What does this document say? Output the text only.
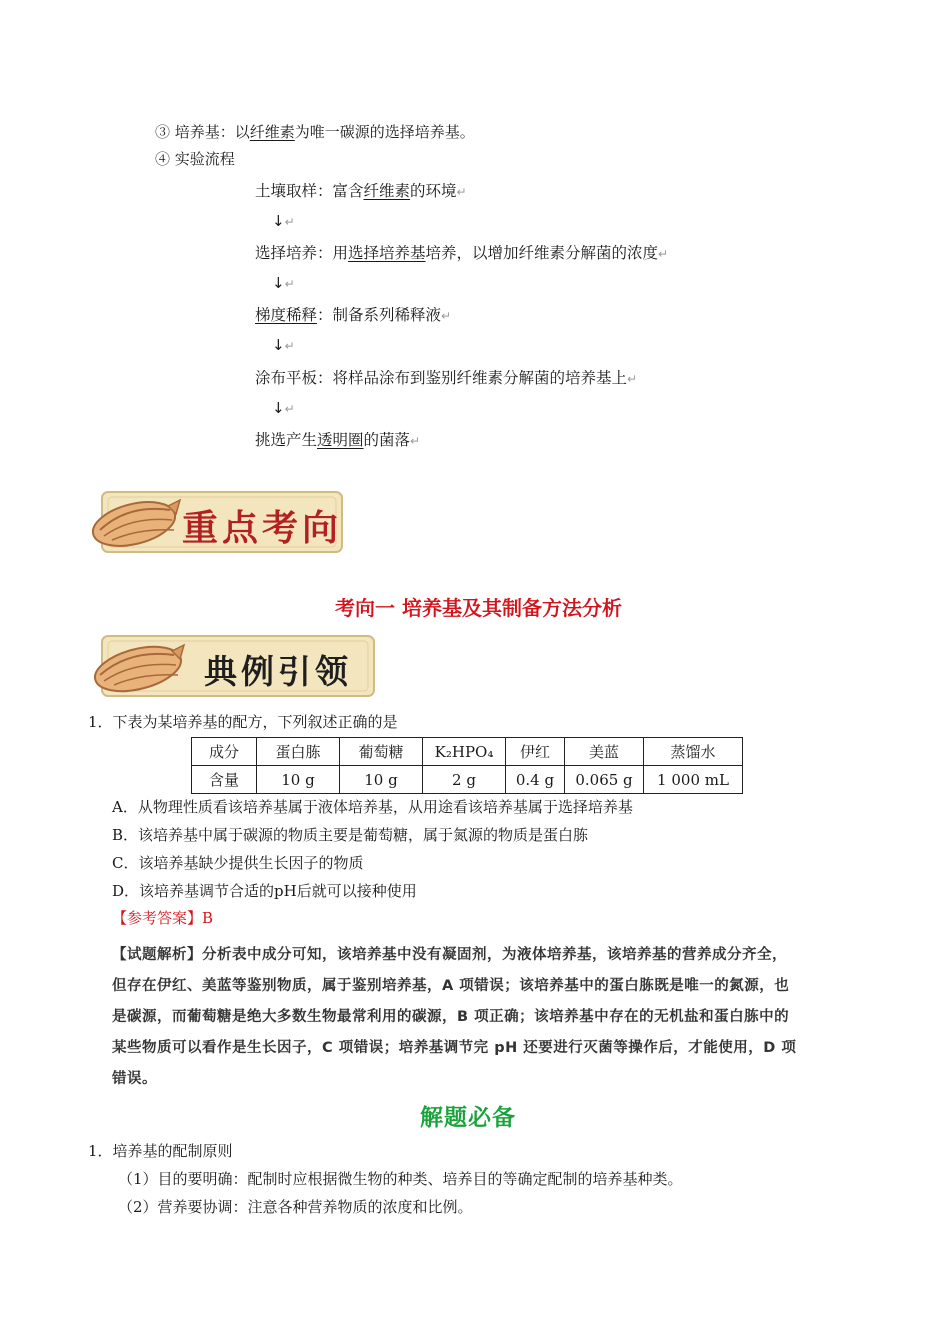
③ 培养基：以纤维素为唯一碳源的选择培养基。
④ 实验流程
土壤取样：富含纤维素的环境↵
↓↵
选择培养：用选择培养基培养，以增加纤维素分解菌的浓度↵
↓↵
梯度稀释：制备系列稀释液↵
↓↵
涂布平板：将样品涂布到鉴别纤维素分解菌的培养基上↵
↓↵
挑选产生透明圈的菌落↵
重点考向
考向一 培养基及其制备方法分析
典例引领
1．下表为某培养基的配方，下列叙述正确的是
成分	蛋白胨	葡萄糖	K₂HPO₄	伊红	美蓝	蒸馏水
含量	10 g	10 g	2 g	0.4 g	0.065 g	1 000 mL
A．从物理性质看该培养基属于液体培养基，从用途看该培养基属于选择培养基
B．该培养基中属于碳源的物质主要是葡萄糖，属于氮源的物质是蛋白胨
C．该培养基缺少提供生长因子的物质
D．该培养基调节合适的pH后就可以接种使用
【参考答案】B
【试题解析】分析表中成分可知，该培养基中没有凝固剂，为液体培养基，该培养基的营养成分齐全，
但存在伊红、美蓝等鉴别物质，属于鉴别培养基，A 项错误；该培养基中的蛋白胨既是唯一的氮源，也
是碳源，而葡萄糖是绝大多数生物最常利用的碳源，B 项正确；该培养基中存在的无机盐和蛋白胨中的
某些物质可以看作是生长因子，C 项错误；培养基调节完 pH 还要进行灭菌等操作后，才能使用，D 项
错误。
解题必备
1．培养基的配制原则
（1）目的要明确：配制时应根据微生物的种类、培养目的等确定配制的培养基种类。
（2）营养要协调：注意各种营养物质的浓度和比例。
